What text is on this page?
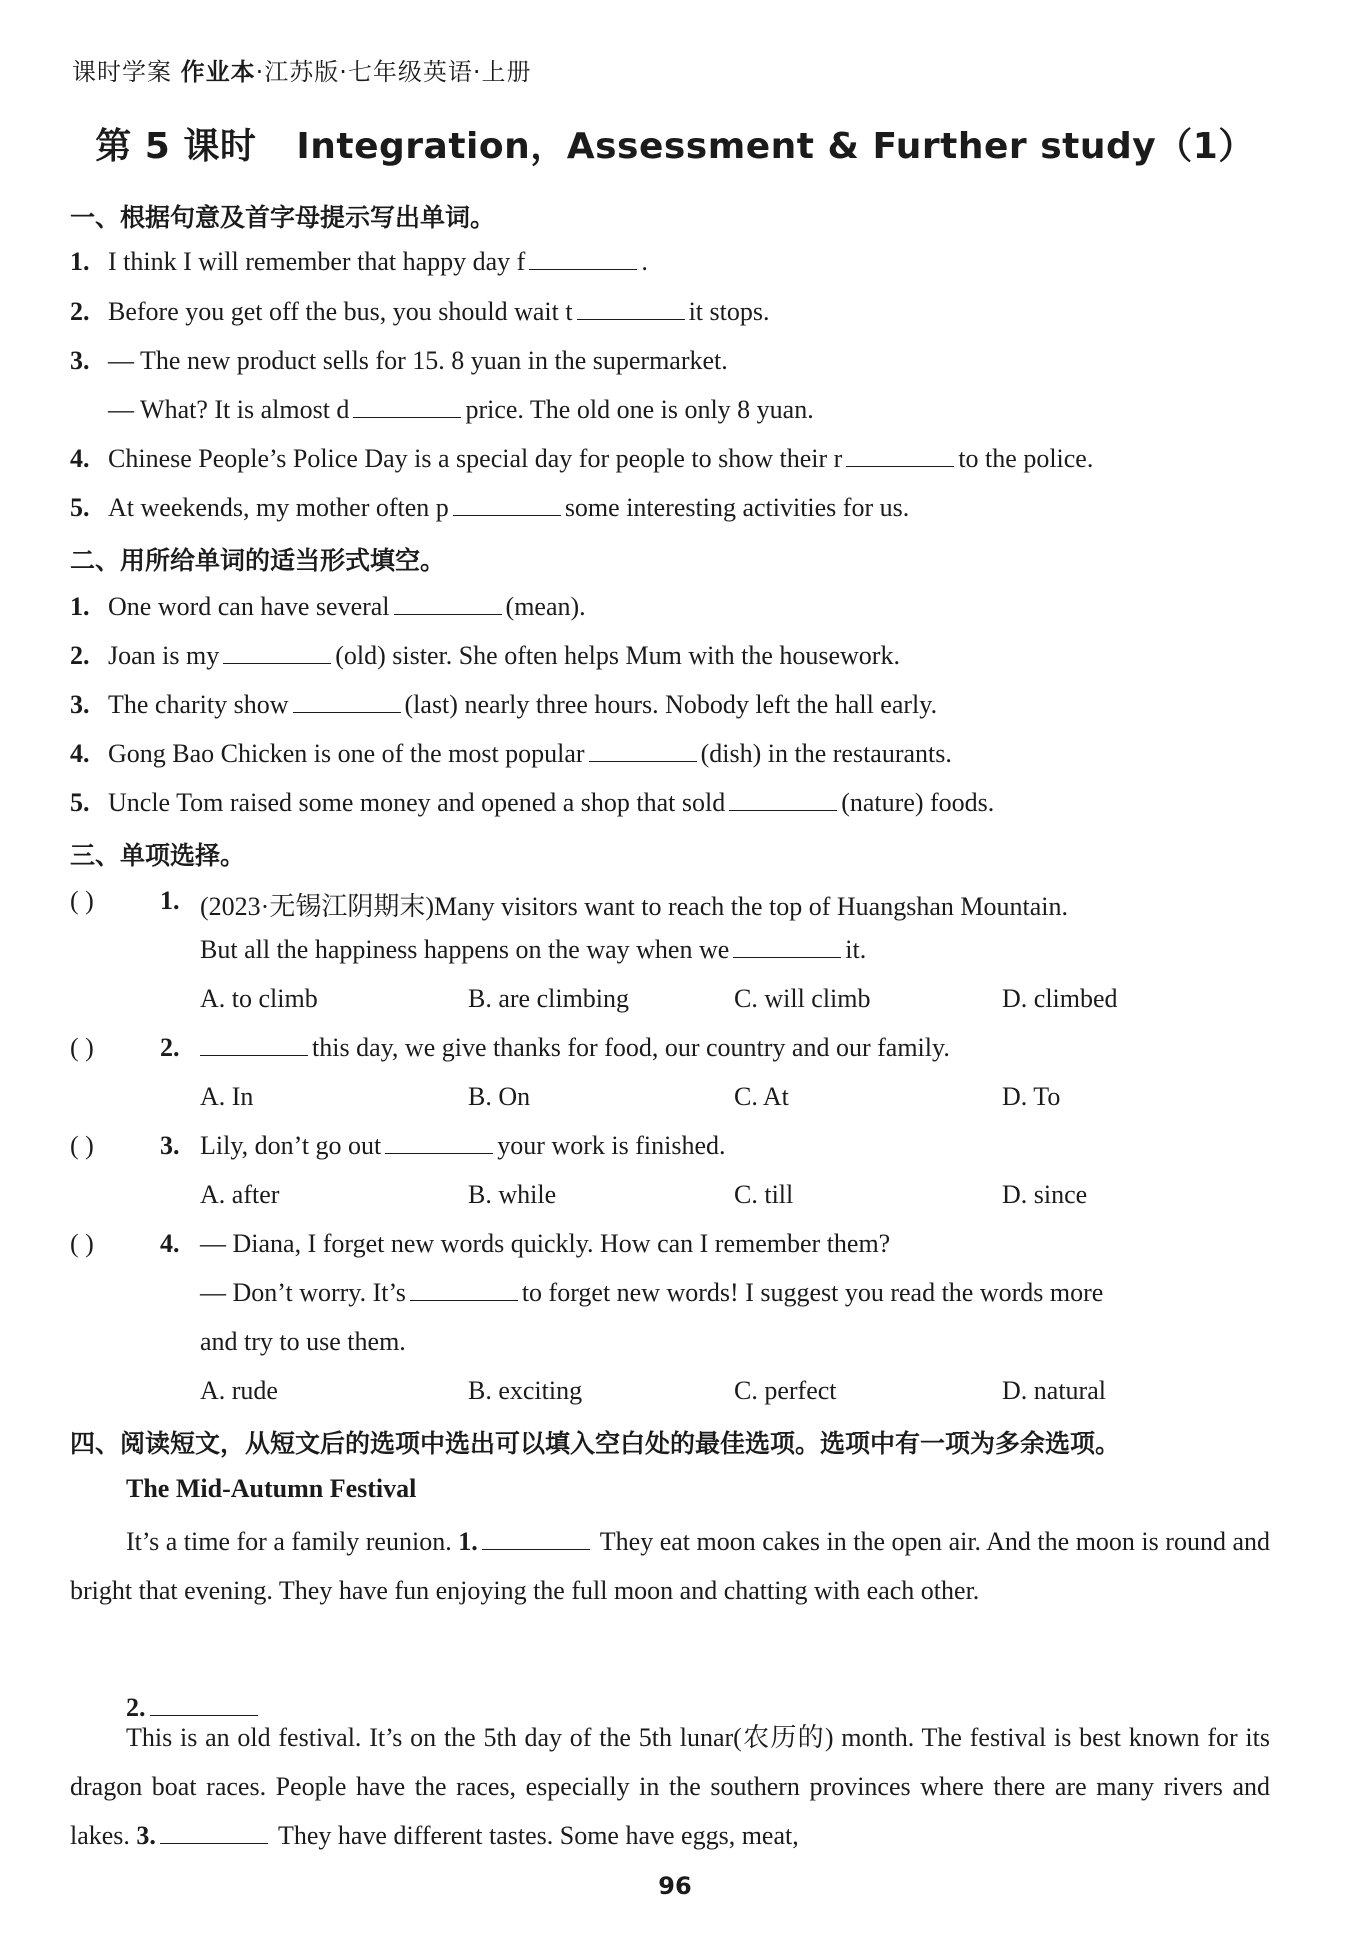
课时学案 作业本·江苏版·七年级英语·上册
第 5 课时 Integration，Assessment & Further study（1）
一、根据句意及首字母提示写出单词。
1. I think I will remember that happy day f	.
2. Before you get off the bus, you should wait t	it stops.
3. — The new product sells for 15. 8 yuan in the supermarket.
— What? It is almost d	price. The old one is only 8 yuan.
4. Chinese People’s Police Day is a special day for people to show their r	to the police.
5. At weekends, my mother often p	some interesting activities for us.
二、用所给单词的适当形式填空。
1. One word can have several	(mean).
2. Joan is my	(old) sister. She often helps Mum with the housework.
3. The charity show	(last) nearly three hours. Nobody left the hall early.
4. Gong Bao Chicken is one of the most popular	(dish) in the restaurants.
5. Uncle Tom raised some money and opened a shop that sold	(nature) foods.
三、单项选择。
( )	1. (2023·无锡江阴期末)Many visitors want to reach the top of Huangshan Mountain.
But all the happiness happens on the way when we	it.
A. to climb	B. are climbing	C. will climb	D. climbed
( )	2.	this day, we give thanks for food, our country and our family.
A. In	B. On	C. At	D. To
( )	3. Lily, don’t go out	your work is finished.
A. after	B. while	C. till	D. since
( )	4. — Diana, I forget new words quickly. How can I remember them?
— Don’t worry. It’s	to forget new words! I suggest you read the words more
and try to use them.
A. rude	B. exciting	C. perfect	D. natural
四、阅读短文，从短文后的选项中选出可以填入空白处的最佳选项。选项中有一项为多余选项。
The Mid-Autumn Festival
It’s a time for a family reunion. 1.	They eat moon cakes in the open air. And the moon is round and bright that evening. They have fun enjoying the full moon and chatting with each other.
2.
This is an old festival. It’s on the 5th day of the 5th lunar(农历的) month. The festival is best known for its dragon boat races. People have the races, especially in the southern provinces where there are many rivers and lakes. 3.	They have different tastes. Some have eggs, meat,
96
